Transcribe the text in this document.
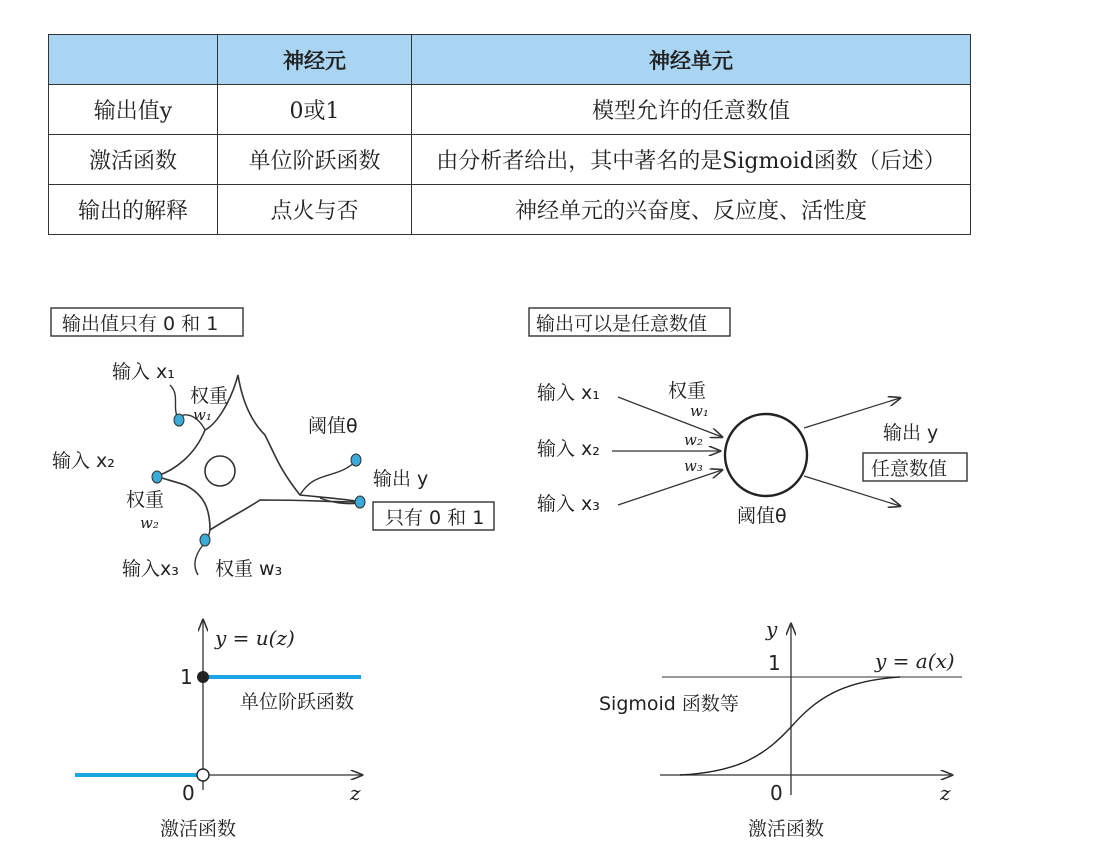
	神经元	神经单元
输出值y	0或1	模型允许的任意数值
激活函数	单位阶跃函数	由分析者给出，其中著名的是Sigmoid函数（后述）
输出的解释	点火与否	神经单元的兴奋度、反应度、活性度
输出值只有 0 和 1
输入 x₁
权重
w₁
输入 x₂
权重
w₂
输入x₃ 权重 w₃
阈值θ
输出 y
只有 0 和 1
输出可以是任意数值
输入 x₁
输入 x₂
输入 x₃
权重
w₁
w₂
w₃
阈值θ
输出 y
任意数值
y = u(z)
1
0	z
单位阶跃函数
激活函数
y
y = a(x)
1
0	z
Sigmoid 函数等
激活函数
